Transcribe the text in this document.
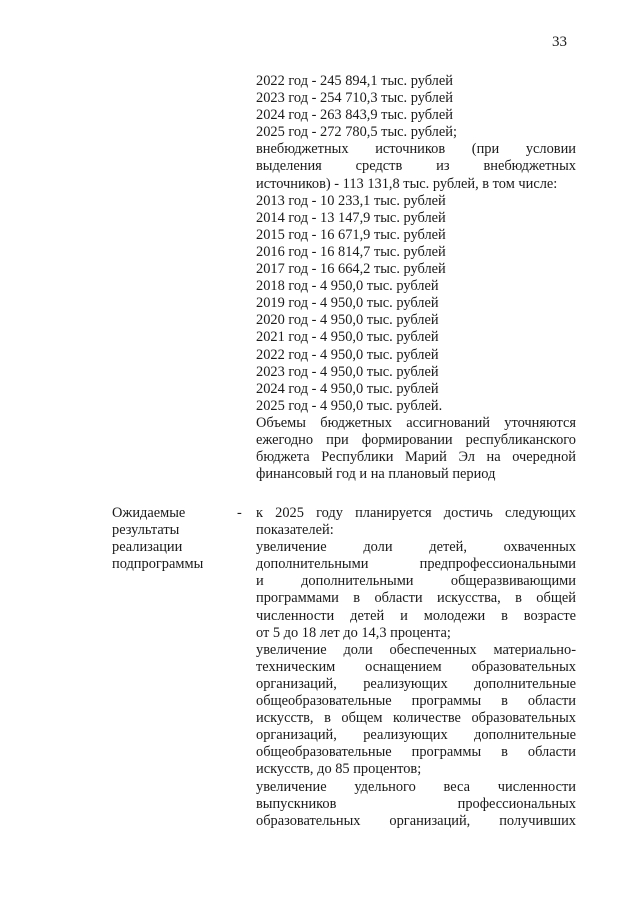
33
2022 год - 245 894,1 тыс. рублей
2023 год - 254 710,3 тыс. рублей
2024 год - 263 843,9 тыс. рублей
2025 год - 272 780,5 тыс. рублей;
внебюджетных источников (при условии
выделения средств из внебюджетных
источников) - 113 131,8 тыс. рублей, в том числе:
2013 год - 10 233,1 тыс. рублей
2014 год - 13 147,9 тыс. рублей
2015 год - 16 671,9 тыс. рублей
2016 год - 16 814,7 тыс. рублей
2017 год - 16 664,2 тыс. рублей
2018 год - 4 950,0 тыс. рублей
2019 год - 4 950,0 тыс. рублей
2020 год - 4 950,0 тыс. рублей
2021 год - 4 950,0 тыс. рублей
2022 год - 4 950,0 тыс. рублей
2023 год - 4 950,0 тыс. рублей
2024 год - 4 950,0 тыс. рублей
2025 год - 4 950,0 тыс. рублей.
Объемы бюджетных ассигнований уточняются
ежегодно при формировании республиканского
бюджета Республики Марий Эл на очередной
финансовый год и на плановый период
Ожидаемые
результаты
реализации
подпрограммы
- к 2025 году планируется достичь следующих
показателей:
увеличение доли детей, охваченных
дополнительными предпрофессиональными
и дополнительными общеразвивающими
программами в области искусства, в общей
численности детей и молодежи в возрасте
от 5 до 18 лет до 14,3 процента;
увеличение доли обеспеченных материально-
техническим оснащением образовательных
организаций, реализующих дополнительные
общеобразовательные программы в области
искусств, в общем количестве образовательных
организаций, реализующих дополнительные
общеобразовательные программы в области
искусств, до 85 процентов;
увеличение удельного веса численности
выпускников профессиональных
образовательных организаций, получивших
